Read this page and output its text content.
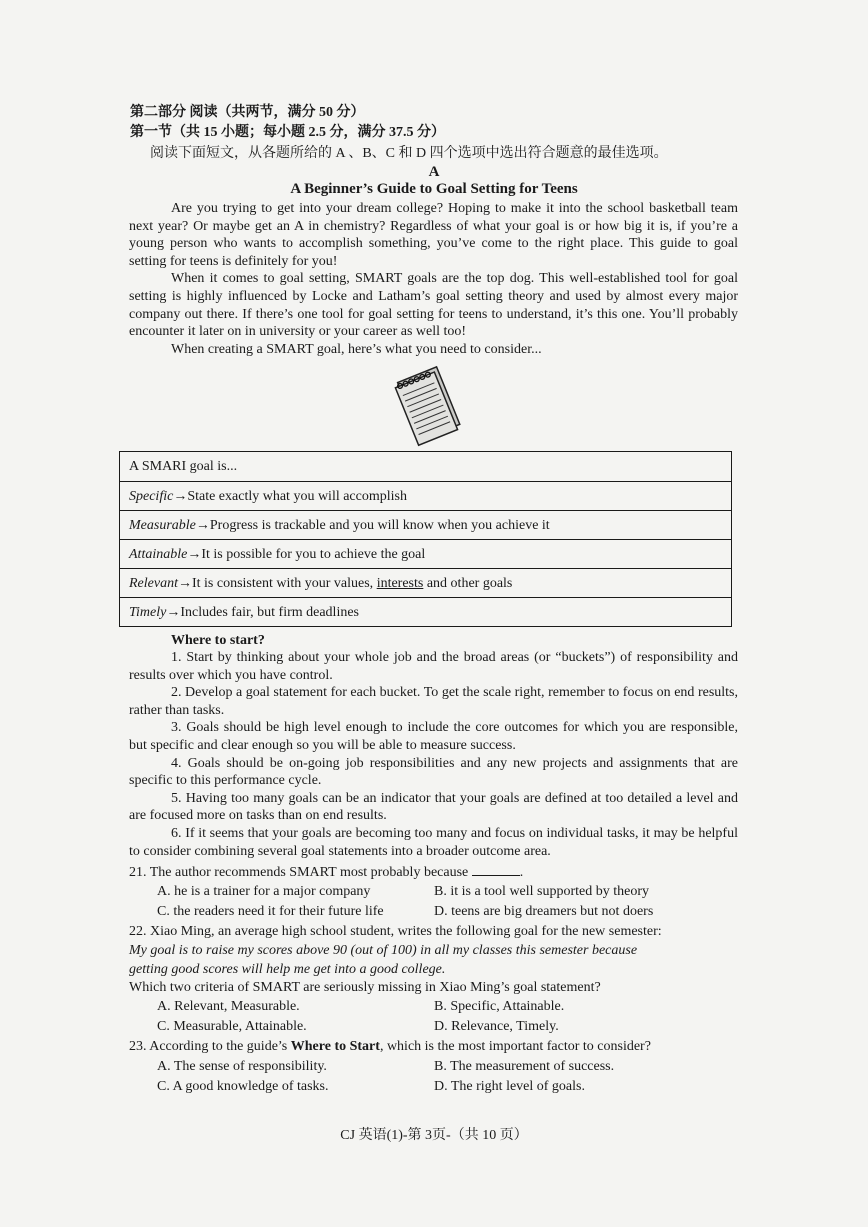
第二部分 阅读（共两节，满分 50 分）
第一节（共 15 小题；每小题 2.5 分，满分 37.5 分）
阅读下面短文，从各题所给的 A 、B、C 和 D 四个选项中选出符合题意的最佳选项。
A
A Beginner’s Guide to Goal Setting for Teens

Are you trying to get into your dream college? Hoping to make it into the school basketball team next year? Or maybe get an A in chemistry? Regardless of what your goal is or how big it is, if you’re a young person who wants to accomplish something, you’ve come to the right place. This guide to goal setting for teens is definitely for you!

When it comes to goal setting, SMART goals are the top dog. This well-established tool for goal setting is highly influenced by Locke and Latham’s goal setting theory and used by almost every major company out there. If there’s one tool for goal setting for teens to understand, it’s this one. You’ll probably encounter it later on in university or your career as well too!

When creating a SMART goal, here’s what you need to consider...

A SMARI goal is...
Specific→State exactly what you will accomplish
Measurable→Progress is trackable and you will know when you achieve it
Attainable→It is possible for you to achieve the goal
Relevant→It is consistent with your values, interests and other goals
Timely→Includes fair, but firm deadlines
Where to start?

1. Start by thinking about your whole job and the broad areas (or “buckets”) of responsibility and results over which you have control.

2. Develop a goal statement for each bucket. To get the scale right, remember to focus on end results, rather than tasks.

3. Goals should be high level enough to include the core outcomes for which you are responsible, but specific and clear enough so you will be able to measure success.

4. Goals should be on-going job responsibilities and any new projects and assignments that are specific to this performance cycle.

5. Having too many goals can be an indicator that your goals are defined at too detailed a level and are focused more on tasks than on end results.

6. If it seems that your goals are becoming too many and focus on individual tasks, it may be helpful to consider combining several goal statements into a broader outcome area.

21. The author recommends SMART most probably because	.
A. he is a trainer for a major company	B. it is a tool well supported by theory
C. the readers need it for their future life	D. teens are big dreamers but not doers
22. Xiao Ming, an average high school student, writes the following goal for the new semester:
My goal is to raise my scores above 90 (out of 100) in all my classes this semester because
getting good scores will help me get into a good college.
Which two criteria of SMART are seriously missing in Xiao Ming’s goal statement?
A. Relevant, Measurable.	B. Specific, Attainable.
C. Measurable, Attainable.	D. Relevance, Timely.
23. According to the guide’s Where to Start, which is the most important factor to consider?
A. The sense of responsibility.	B. The measurement of success.
C. A good knowledge of tasks.	D. The right level of goals.
CJ 英语(1)-第 3页-（共 10 页）
